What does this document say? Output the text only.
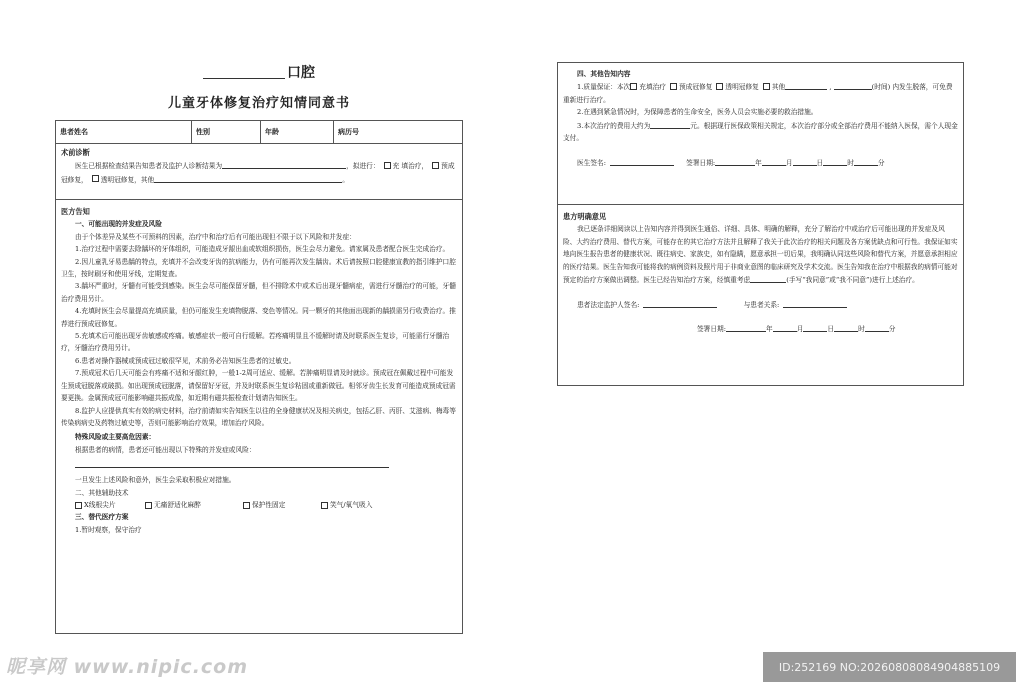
口腔
儿童牙体修复治疗知情同意书
患者姓名	性别	年龄	病历号
术前诊断
医生已根据检查结果告知患者及监护人诊断结果为	，拟进行： 充 填治疗， 预成冠修复， 透明冠修复，其他	。
医方告知
一、可能出现的并发症及风险
由于个体差异及某些不可预料的因素，治疗中和治疗后有可能出现但不限于以下风险和并发症：
1.治疗过程中需要去除龋坏的牙体组织，可能造成牙龈出血或软组织损伤，医生会尽力避免。请家属及患者配合医生完成治疗。
2.因儿童乳牙易患龋的特点，充填并不会改变牙齿的抗病能力，仍有可能再次发生龋齿。术后请按照口腔健康宣教的指引维护口腔卫生，按时刷牙和使用牙线，定期复查。
3.龋坏严重时，牙髓有可能受到感染。医生会尽可能保留牙髓，但不排除术中或术后出现牙髓病症，需进行牙髓治疗的可能，牙髓治疗费用另计。
4.充填时医生会尽量提高充填质量，但仍可能发生充填物脱落、变色等情况。同一颗牙的其他面出现新的龋损需另行收费治疗。推荐进行预成冠修复。
5.充填术后可能出现牙齿敏感或疼痛。敏感症状一般可自行缓解。若疼痛明显且不缓解时请及时联系医生复诊，可能需行牙髓治疗，牙髓治疗费用另计。
6.患者对操作器械或预成冠过敏很罕见，术前务必告知医生患者的过敏史。
7.预成冠术后几天可能会有疼痛不适和牙龈红肿，一般1-2周可适应、缓解。若肿痛明显请及时就诊。预成冠在佩戴过程中可能发生预成冠脱落或破损。如出现预成冠脱落，请保留好牙冠，并及时联系医生复诊粘固或重新做冠。相邻牙齿生长发育可能造成预成冠需要更换。金属预成冠可能影响磁共振成像，如近期有磁共振检查计划请告知医生。
8.监护人应提供真实有效的病史材料，治疗前请如实告知医生以往的全身健康状况及相关病史，包括乙肝、丙肝、艾滋病、梅毒等传染病病史及药物过敏史等，否则可能影响治疗效果，增加治疗风险。
特殊风险或主要高危因素：
根据患者的病情，患者还可能出现以下特殊的并发症或风险：
一旦发生上述风险和意外，医生会采取积极应对措施。
二、其他辅助技术
X线根尖片	无痛舒适化麻醉	保护性固定	笑气/氧气吸入
三、替代医疗方案
1.暂时观察，保守治疗
四、其他告知内容
1.质量保证：本次 充填治疗 预成冠修复 透明冠修复 其他	,	(时间) 内发生脱落，可免费重新进行治疗。
2.在遇到紧急情况时，为保障患者的生命安全，医务人员会实施必要的救治措施。
3.本次治疗的费用大约为	元。根据现行医保政策相关规定，本次治疗部分或全部治疗费用不能纳入医保，需个人现金支付。
医生签名:	签署日期:	年	月	日	时	分
患方明确意见
我已逐条详细阅读以上告知内容并得到医生通俗、详细、具体、明确的解释，充分了解治疗中或治疗后可能出现的并发症及风险、大约治疗费用、替代方案，可能存在的其它治疗方法并且解释了我关于此次治疗的相关问题及各方案优缺点和可行性。我保证如实地向医生报告患者的健康状况、既往病史、家族史，如有隐瞒，愿意承担一切后果，我明确认同这些风险和替代方案，并愿意承担相应的医疗结果。医生告知我可能将我的病例资料及照片用于非商业意图的临床研究及学术交流。医生告知我在治疗中根据我的病情可能对预定的治疗方案做出调整。医生已经告知治疗方案，经慎重考虑	(手写“我同意”或“我不同意”)进行上述治疗。
患者法定监护人签名:	与患者关系:
签署日期:	年	月	日	时	分
昵享网 www.nipic.com	ID:252169 NO:20260808084904885109
